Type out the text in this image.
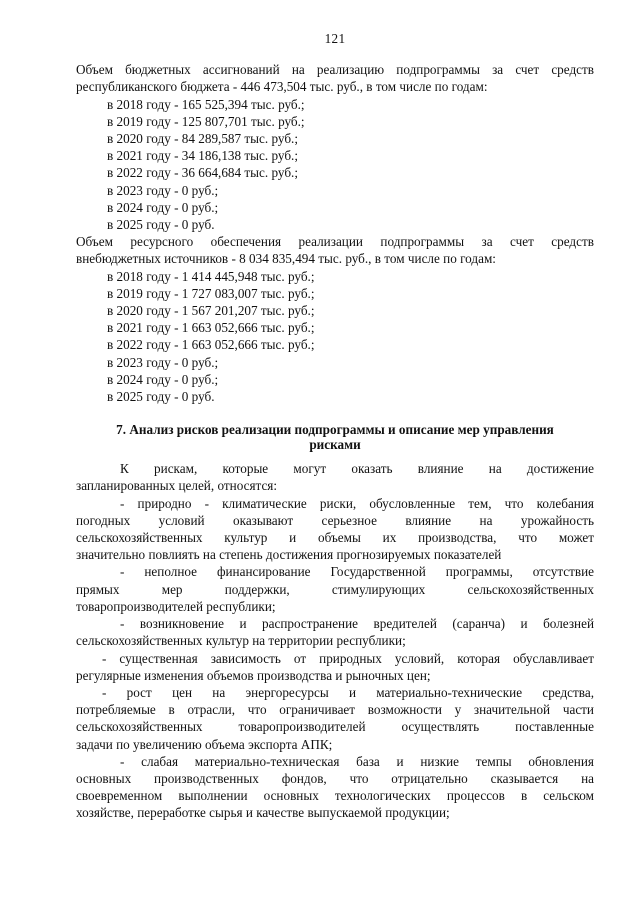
121
Объем бюджетных ассигнований на реализацию подпрограммы за счет средств
республиканского бюджета - 446 473,504 тыс. руб., в том числе по годам:
в 2018 году - 165 525,394 тыс. руб.;
в 2019 году - 125 807,701 тыс. руб.;
в 2020 году - 84 289,587 тыс. руб.;
в 2021 году - 34 186,138 тыс. руб.;
в 2022 году - 36 664,684 тыс. руб.;
в 2023 году - 0 руб.;
в 2024 году - 0 руб.;
в 2025 году - 0 руб.
Объем ресурсного обеспечения реализации подпрограммы за счет средств
внебюджетных источников - 8 034 835,494 тыс. руб., в том числе по годам:
в 2018 году - 1 414 445,948 тыс. руб.;
в 2019 году - 1 727 083,007 тыс. руб.;
в 2020 году - 1 567 201,207 тыс. руб.;
в 2021 году - 1 663 052,666 тыс. руб.;
в 2022 году - 1 663 052,666 тыс. руб.;
в 2023 году - 0 руб.;
в 2024 году - 0 руб.;
в 2025 году - 0 руб.
7. Анализ рисков реализации подпрограммы и описание мер управления
рисками
К рискам, которые могут оказать влияние на достижение
запланированных целей, относятся:
- природно - климатические риски, обусловленные тем, что колебания
погодных условий оказывают серьезное влияние на урожайность
сельскохозяйственных культур и объемы их производства, что может
значительно повлиять на степень достижения прогнозируемых показателей
- неполное финансирование Государственной программы, отсутствие
прямых мер поддержки, стимулирующих сельскохозяйственных
товаропроизводителей республики;
- возникновение и распространение вредителей (саранча) и болезней
сельскохозяйственных культур на территории республики;
- существенная зависимость от природных условий, которая обуславливает
регулярные изменения объемов производства и рыночных цен;
- рост цен на энергоресурсы и материально-технические средства,
потребляемые в отрасли, что ограничивает возможности у значительной части
сельскохозяйственных товаропроизводителей осуществлять поставленные
задачи по увеличению объема экспорта АПК;
- слабая материально-техническая база и низкие темпы обновления
основных производственных фондов, что отрицательно сказывается на
своевременном выполнении основных технологических процессов в сельском
хозяйстве, переработке сырья и качестве выпускаемой продукции;
